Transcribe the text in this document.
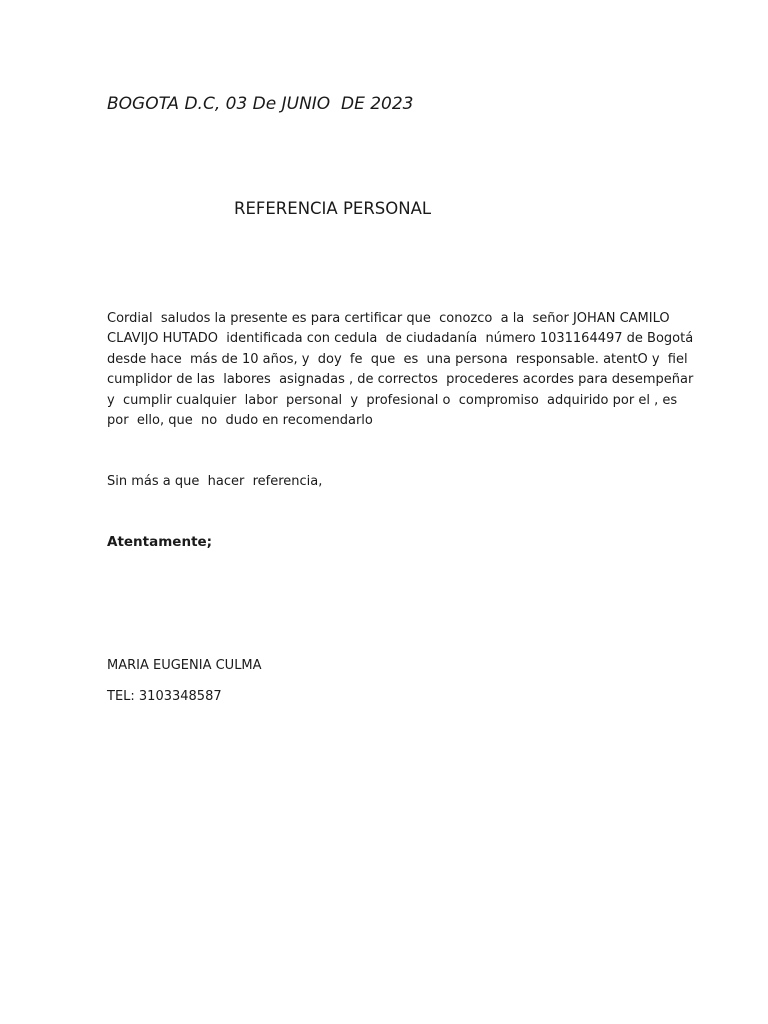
BOGOTA D.C, 03 De JUNIO  DE 2023
REFERENCIA PERSONAL
Cordial  saludos la presente es para certificar que  conozco  a la  señor JOHAN CAMILO
CLAVIJO HUTADO  identificada con cedula  de ciudadanía  número 1031164497 de Bogotá
desde hace  más de 10 años, y  doy  fe  que  es  una persona  responsable. atentO y  fiel
cumplidor de las  labores  asignadas , de correctos  procederes acordes para desempeñar
y  cumplir cualquier  labor  personal  y  profesional o  compromiso  adquirido por el , es
por  ello, que  no  dudo en recomendarlo
Sin más a que  hacer  referencia,
Atentamente;
MARIA EUGENIA CULMA
TEL: 3103348587
